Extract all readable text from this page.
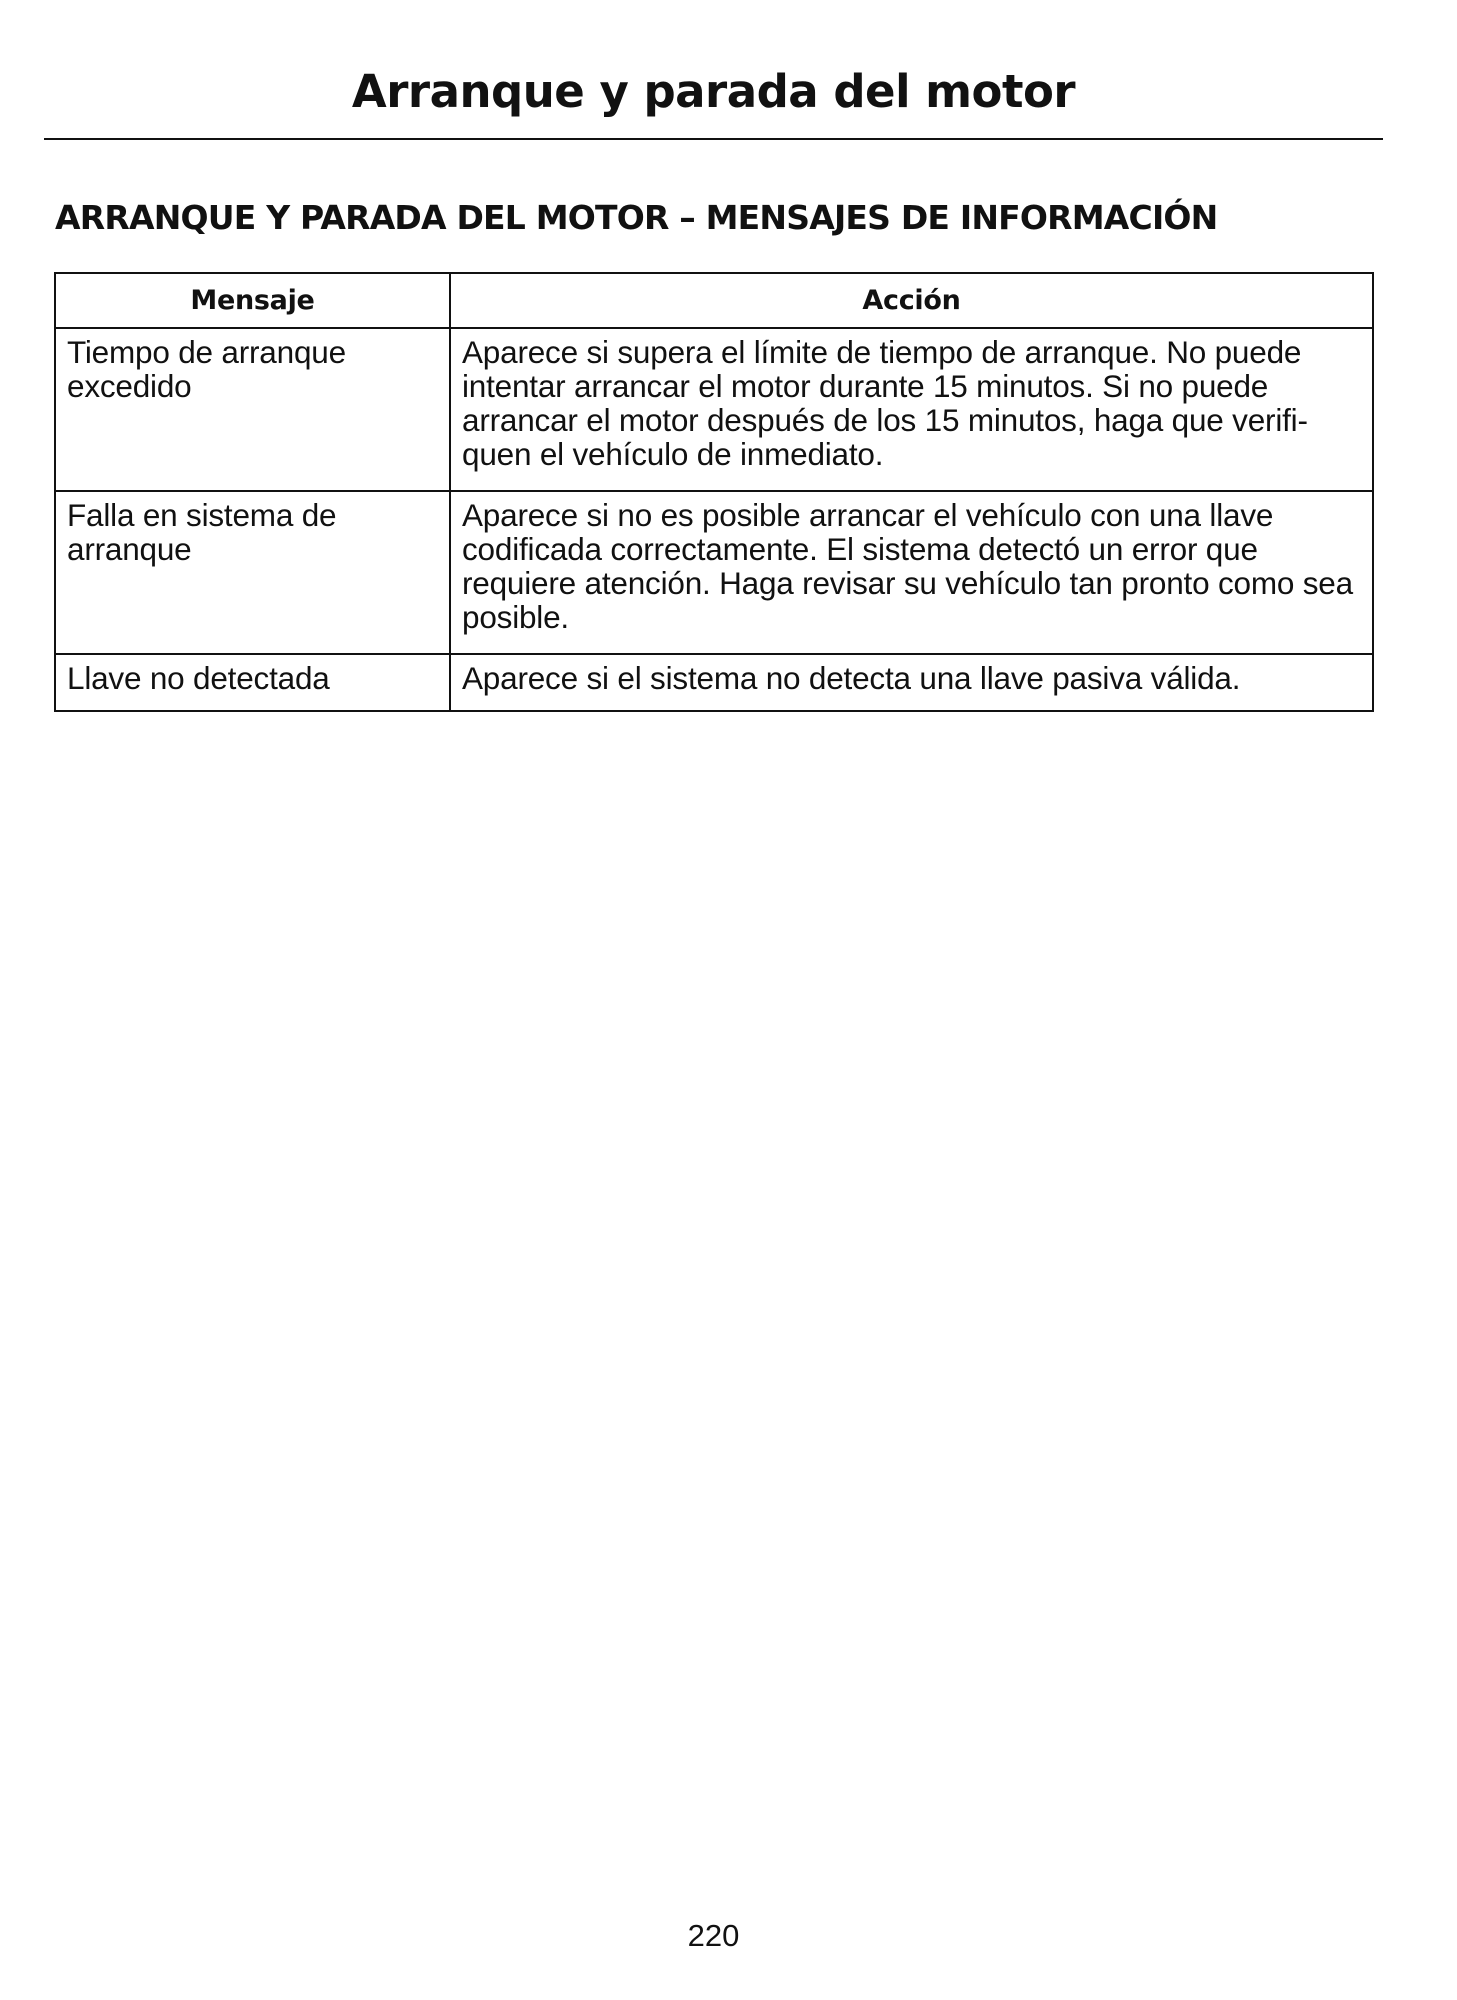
Arranque y parada del motor
ARRANQUE Y PARADA DEL MOTOR – MENSAJES DE INFORMACIÓN
Mensaje	Acción
Tiempo de arranque excedido	Aparece si supera el límite de tiempo de arranque. No puede intentar arrancar el motor durante 15 minutos. Si no puede arrancar el motor después de los 15 minutos, haga que verifi-quen el vehículo de inmediato.
Falla en sistema de arranque	Aparece si no es posible arrancar el vehículo con una llave codificada correctamente. El sistema detectó un error que requiere atención. Haga revisar su vehículo tan pronto como sea posible.
Llave no detectada	Aparece si el sistema no detecta una llave pasiva válida.
220
